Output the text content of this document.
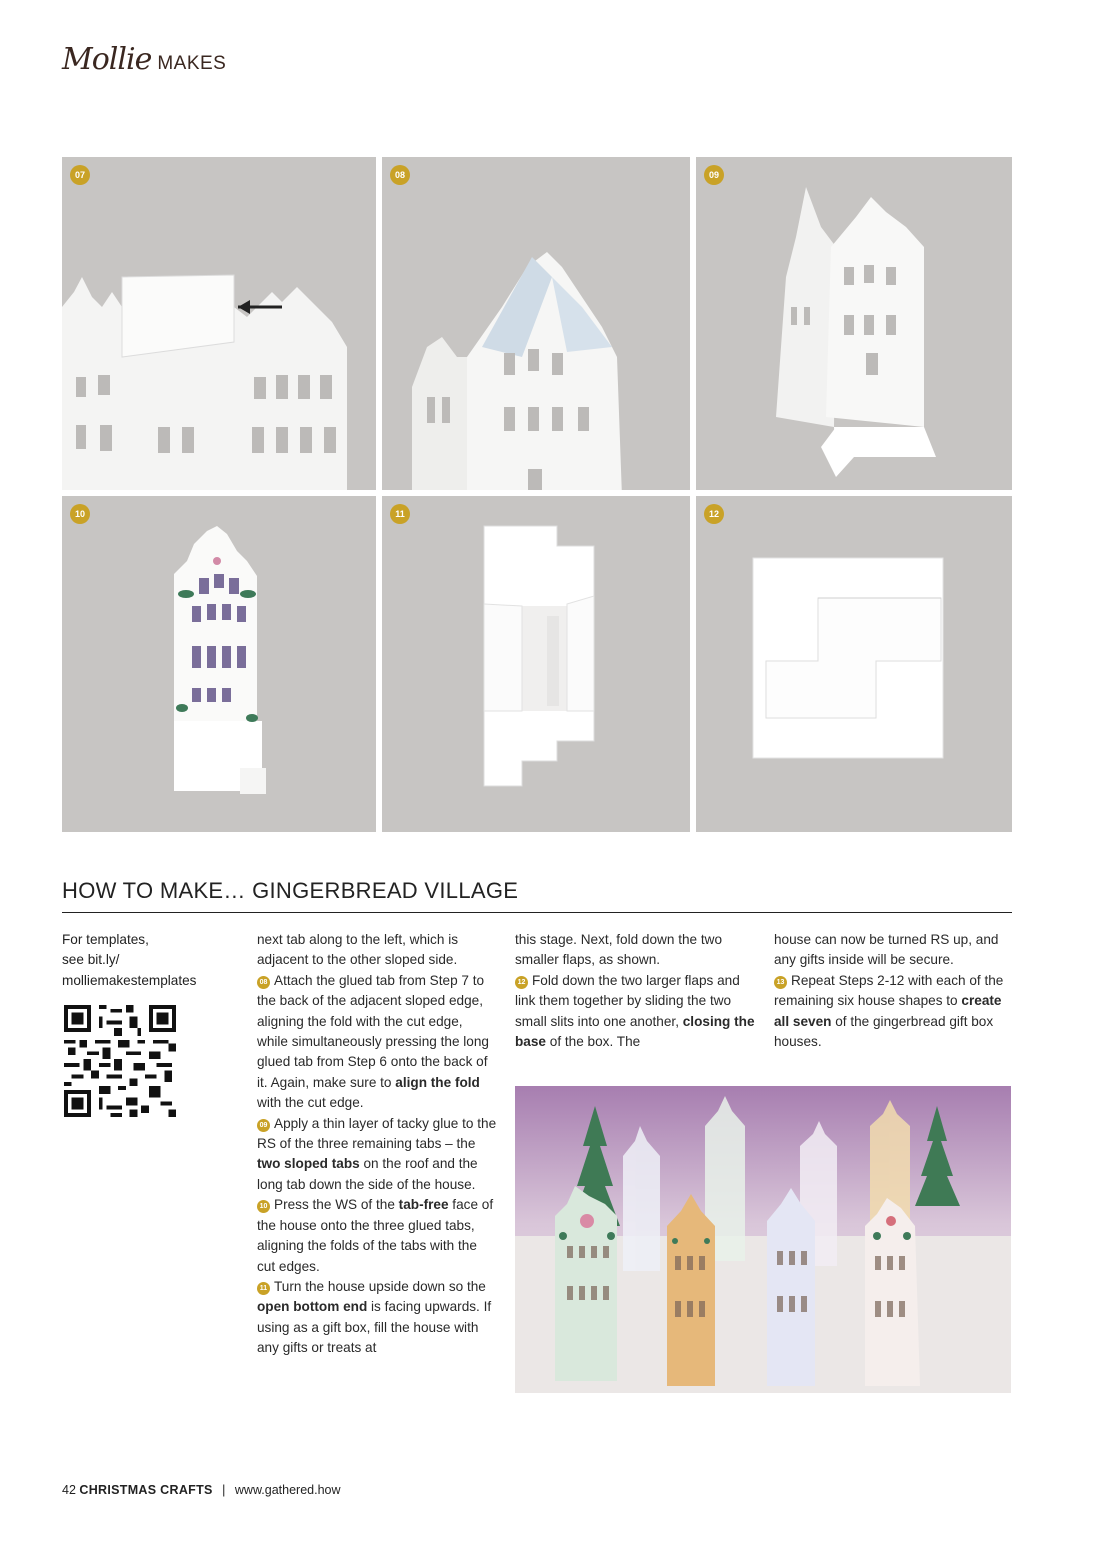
Mollie MAKES
07	08	09
10	11	12
HOW TO MAKE… GINGERBREAD VILLAGE
For templates,
see bit.ly/
molliemakestemplates
next tab along to the left, which is adjacent to the other sloped side.
08 Attach the glued tab from Step 7 to the back of the adjacent sloped edge, aligning the fold with the cut edge, while simultaneously pressing the long glued tab from Step 6 onto the back of it. Again, make sure to align the fold with the cut edge.
09 Apply a thin layer of tacky glue to the RS of the three remaining tabs – the two sloped tabs on the roof and the long tab down the side of the house.
10 Press the WS of the tab-free face of the house onto the three glued tabs, aligning the folds of the tabs with the cut edges.
11 Turn the house upside down so the open bottom end is facing upwards. If using as a gift box, fill the house with any gifts or treats at
this stage. Next, fold down the two smaller flaps, as shown.
12 Fold down the two larger flaps and link them together by sliding the two small slits into one another, closing the base of the box. The
house can now be turned RS up, and any gifts inside will be secure.
13 Repeat Steps 2-12 with each of the remaining six house shapes to create all seven of the gingerbread gift box houses.
42 CHRISTMAS CRAFTS | www.gathered.how
